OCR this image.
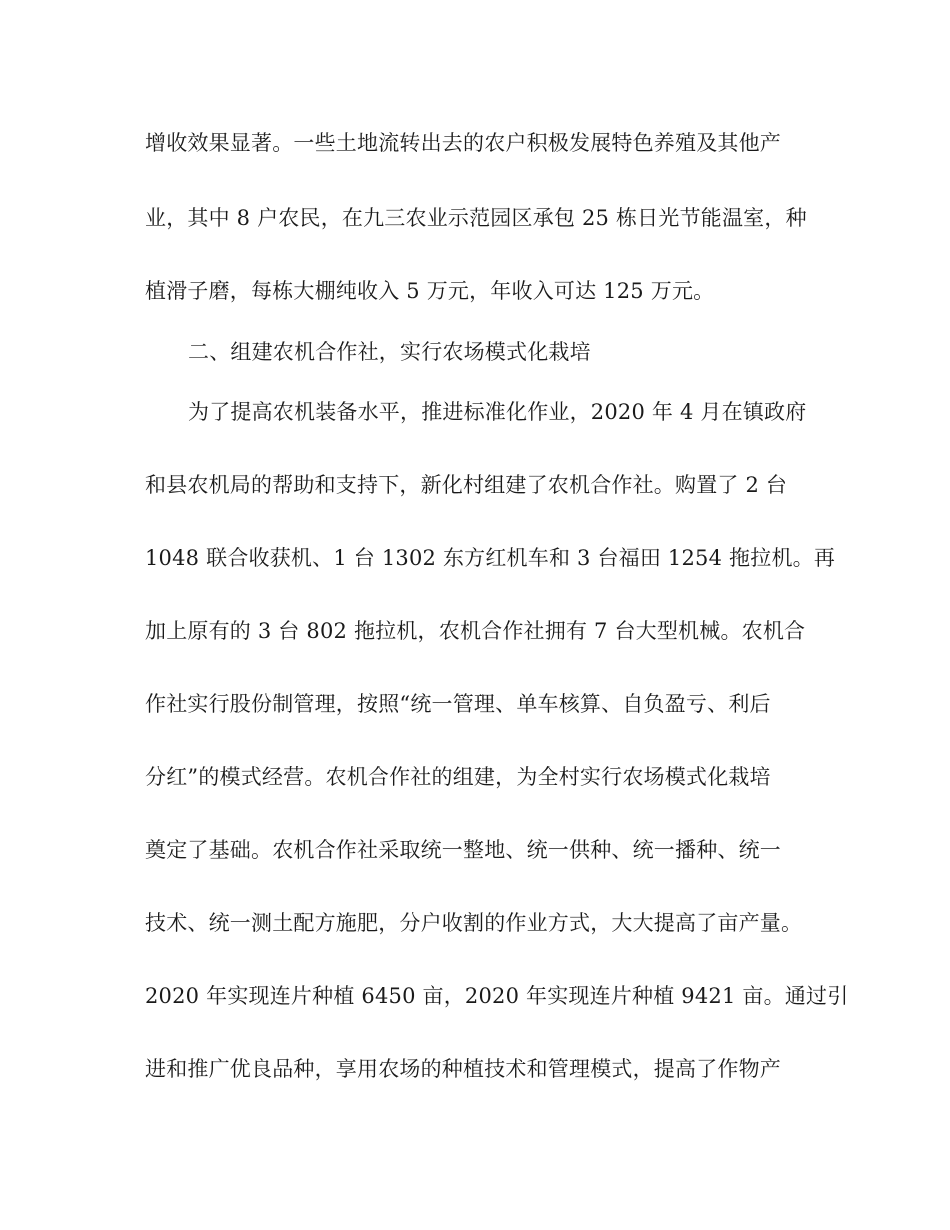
增收效果显著。一些土地流转出去的农户积极发展特色养殖及其他产

业，其中 8 户农民，在九三农业示范园区承包 25 栋日光节能温室，种

植滑子磨，每栋大棚纯收入 5 万元，年收入可达 125 万元。

二、组建农机合作社，实行农场模式化栽培

为了提高农机装备水平，推进标准化作业，2020 年 4 月在镇政府

和县农机局的帮助和支持下，新化村组建了农机合作社。购置了 2 台

1048 联合收获机、1 台 1302 东方红机车和 3 台福田 1254 拖拉机。再

加上原有的 3 台 802 拖拉机，农机合作社拥有 7 台大型机械。农机合

作社实行股份制管理，按照“统一管理、单车核算、自负盈亏、利后

分红”的模式经营。农机合作社的组建，为全村实行农场模式化栽培

奠定了基础。农机合作社采取统一整地、统一供种、统一播种、统一

技术、统一测土配方施肥，分户收割的作业方式，大大提高了亩产量。

2020 年实现连片种植 6450 亩，2020 年实现连片种植 9421 亩。通过引

进和推广优良品种，享用农场的种植技术和管理模式，提高了作物产
